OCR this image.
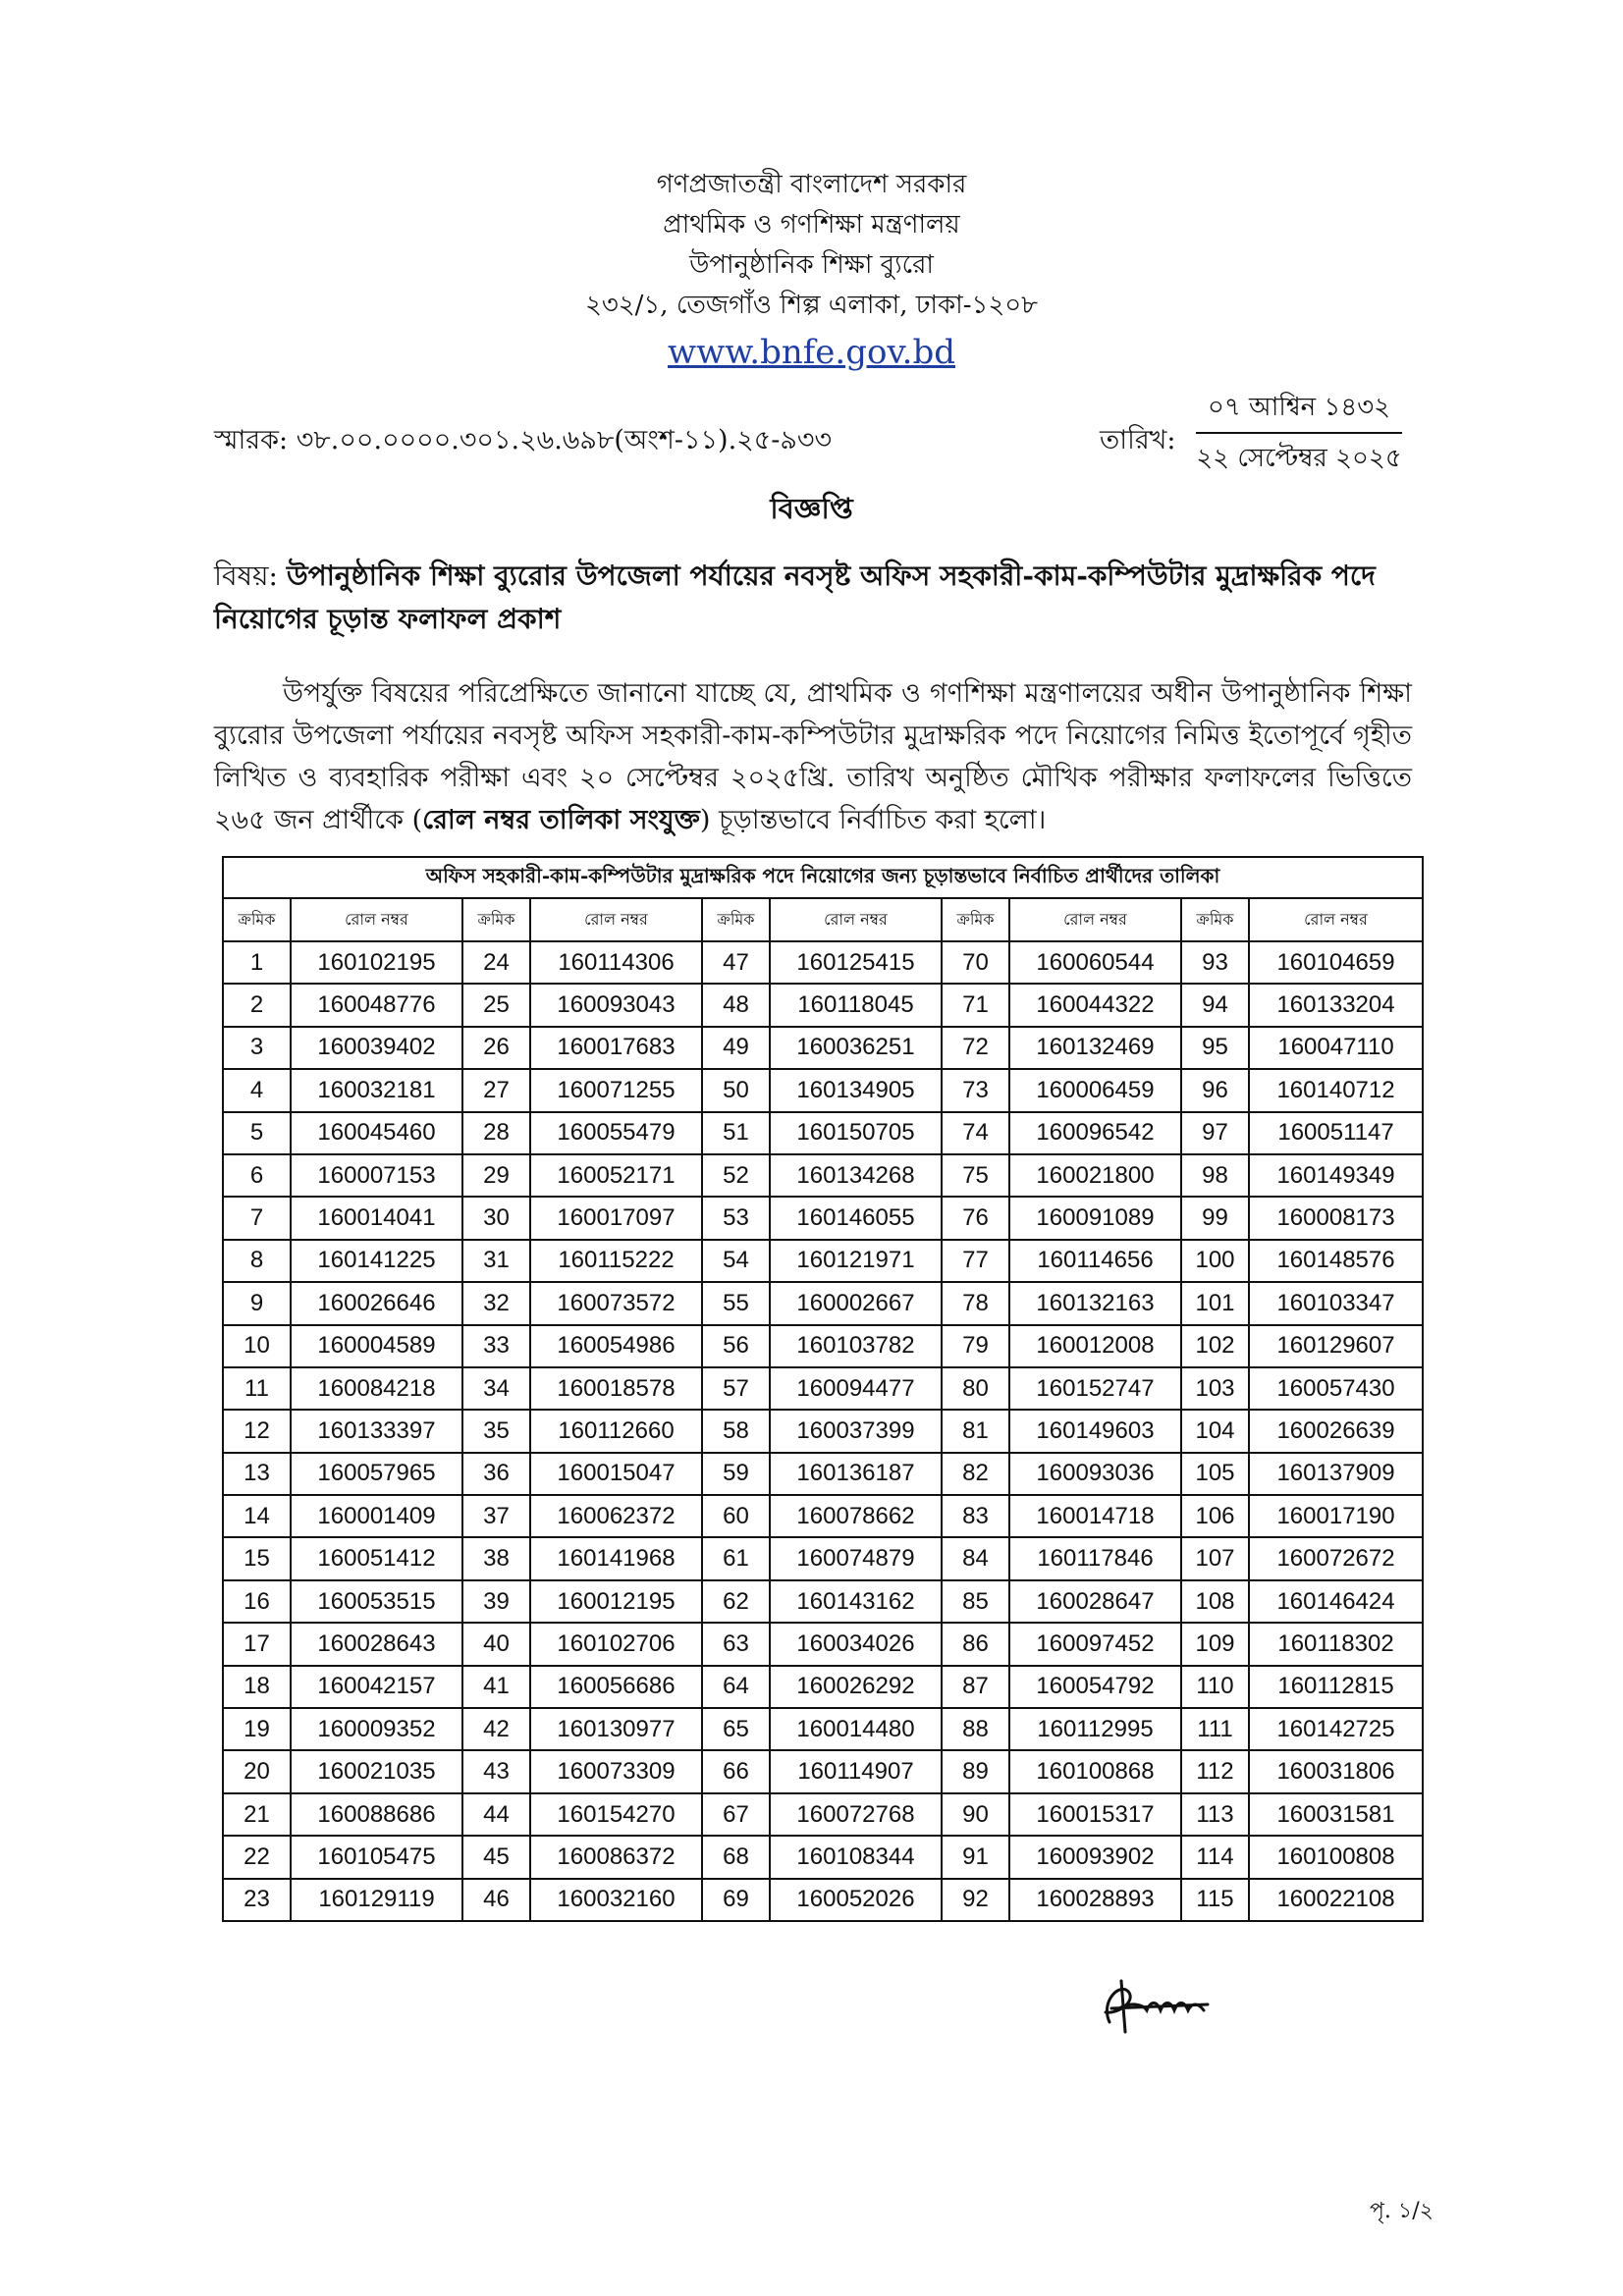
গণপ্রজাতন্ত্রী বাংলাদেশ সরকার
প্রাথমিক ও গণশিক্ষা মন্ত্রণালয়
উপানুষ্ঠানিক শিক্ষা ব্যুরো
২৩২/১, তেজগাঁও শিল্প এলাকা, ঢাকা-১২০৮
www.bnfe.gov.bd
স্মারক: ৩৮.০০.০০০০.৩০১.২৬.৬৯৮(অংশ-১১).২৫-৯৩৩	তারিখ:
০৭ আশ্বিন ১৪৩২
২২ সেপ্টেম্বর ২০২৫
বিজ্ঞপ্তি
বিষয়: উপানুষ্ঠানিক শিক্ষা ব্যুরোর উপজেলা পর্যায়ের নবসৃষ্ট অফিস সহকারী-কাম-কম্পিউটার মুদ্রাক্ষরিক পদে নিয়োগের চূড়ান্ত ফলাফল প্রকাশ
উপর্যুক্ত বিষয়ের পরিপ্রেক্ষিতে জানানো যাচ্ছে যে, প্রাথমিক ও গণশিক্ষা মন্ত্রণালয়ের অধীন উপানুষ্ঠানিক শিক্ষা ব্যুরোর উপজেলা পর্যায়ের নবসৃষ্ট অফিস সহকারী-কাম-কম্পিউটার মুদ্রাক্ষরিক পদে নিয়োগের নিমিত্ত ইতোপূর্বে গৃহীত লিখিত ও ব্যবহারিক পরীক্ষা এবং ২০ সেপ্টেম্বর ২০২৫খ্রি. তারিখ অনুষ্ঠিত মৌখিক পরীক্ষার ফলাফলের ভিত্তিতে ২৬৫ জন প্রার্থীকে (রোল নম্বর তালিকা সংযুক্ত) চূড়ান্তভাবে নির্বাচিত করা হলো।
অফিস সহকারী-কাম-কম্পিউটার মুদ্রাক্ষরিক পদে নিয়োগের জন্য চূড়ান্তভাবে নির্বাচিত প্রার্থীদের তালিকা									
ক্রমিক	রোল নম্বর	ক্রমিক	রোল নম্বর	ক্রমিক	রোল নম্বর	ক্রমিক	রোল নম্বর	ক্রমিক	রোল নম্বর
1	160102195	24	160114306	47	160125415	70	160060544	93	160104659
2	160048776	25	160093043	48	160118045	71	160044322	94	160133204
3	160039402	26	160017683	49	160036251	72	160132469	95	160047110
4	160032181	27	160071255	50	160134905	73	160006459	96	160140712
5	160045460	28	160055479	51	160150705	74	160096542	97	160051147
6	160007153	29	160052171	52	160134268	75	160021800	98	160149349
7	160014041	30	160017097	53	160146055	76	160091089	99	160008173
8	160141225	31	160115222	54	160121971	77	160114656	100	160148576
9	160026646	32	160073572	55	160002667	78	160132163	101	160103347
10	160004589	33	160054986	56	160103782	79	160012008	102	160129607
11	160084218	34	160018578	57	160094477	80	160152747	103	160057430
12	160133397	35	160112660	58	160037399	81	160149603	104	160026639
13	160057965	36	160015047	59	160136187	82	160093036	105	160137909
14	160001409	37	160062372	60	160078662	83	160014718	106	160017190
15	160051412	38	160141968	61	160074879	84	160117846	107	160072672
16	160053515	39	160012195	62	160143162	85	160028647	108	160146424
17	160028643	40	160102706	63	160034026	86	160097452	109	160118302
18	160042157	41	160056686	64	160026292	87	160054792	110	160112815
19	160009352	42	160130977	65	160014480	88	160112995	111	160142725
20	160021035	43	160073309	66	160114907	89	160100868	112	160031806
21	160088686	44	160154270	67	160072768	90	160015317	113	160031581
22	160105475	45	160086372	68	160108344	91	160093902	114	160100808
23	160129119	46	160032160	69	160052026	92	160028893	115	160022108
পৃ. ১/২
